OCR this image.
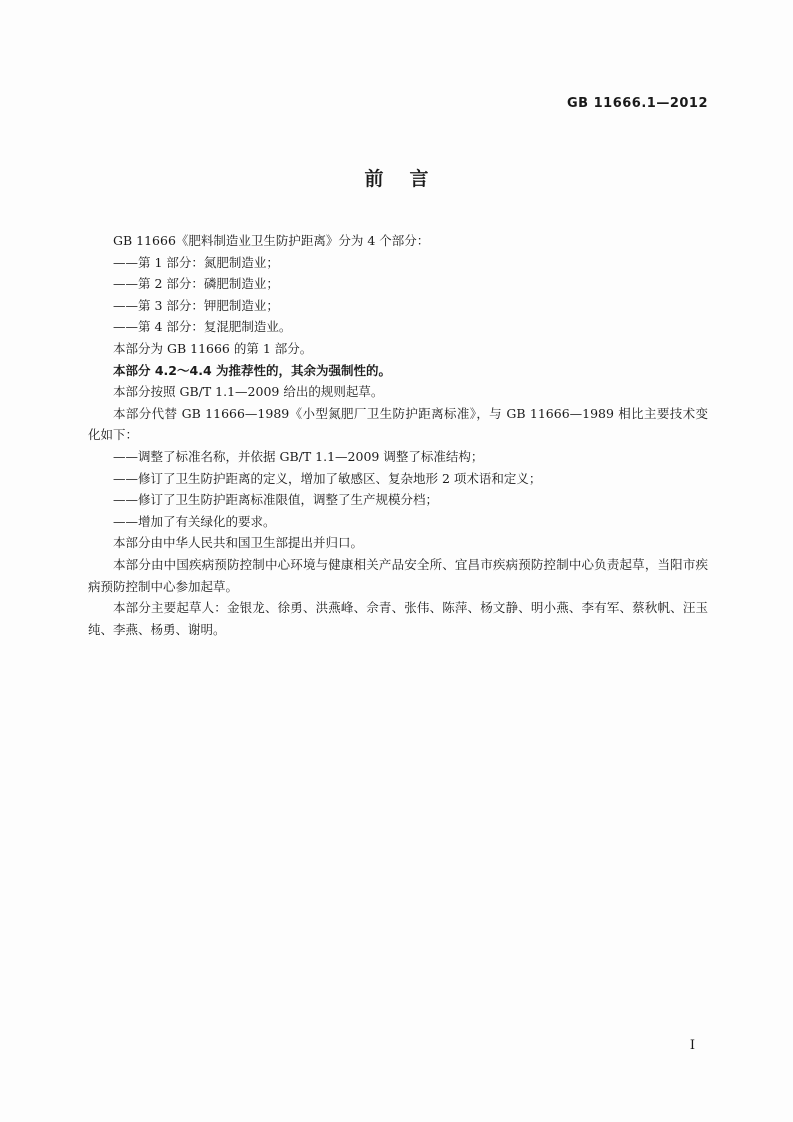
GB 11666.1—2012
前言

GB 11666《肥料制造业卫生防护距离》分为 4 个部分：

——第 1 部分：氮肥制造业；

——第 2 部分：磷肥制造业；

——第 3 部分：钾肥制造业；

——第 4 部分：复混肥制造业。

本部分为 GB 11666 的第 1 部分。

本部分 4.2～4.4 为推荐性的，其余为强制性的。

本部分按照 GB/T 1.1—2009 给出的规则起草。

本部分代替 GB 11666—1989《小型氮肥厂卫生防护距离标准》，与 GB 11666—1989 相比主要技术变化如下：

——调整了标准名称，并依据 GB/T 1.1—2009 调整了标准结构；

——修订了卫生防护距离的定义，增加了敏感区、复杂地形 2 项术语和定义；

——修订了卫生防护距离标准限值，调整了生产规模分档；

——增加了有关绿化的要求。

本部分由中华人民共和国卫生部提出并归口。

本部分由中国疾病预防控制中心环境与健康相关产品安全所、宜昌市疾病预防控制中心负责起草，当阳市疾病预防控制中心参加起草。

本部分主要起草人：金银龙、徐勇、洪燕峰、佘青、张伟、陈萍、杨文静、明小燕、李有军、蔡秋帆、汪玉纯、李燕、杨勇、谢明。

I
